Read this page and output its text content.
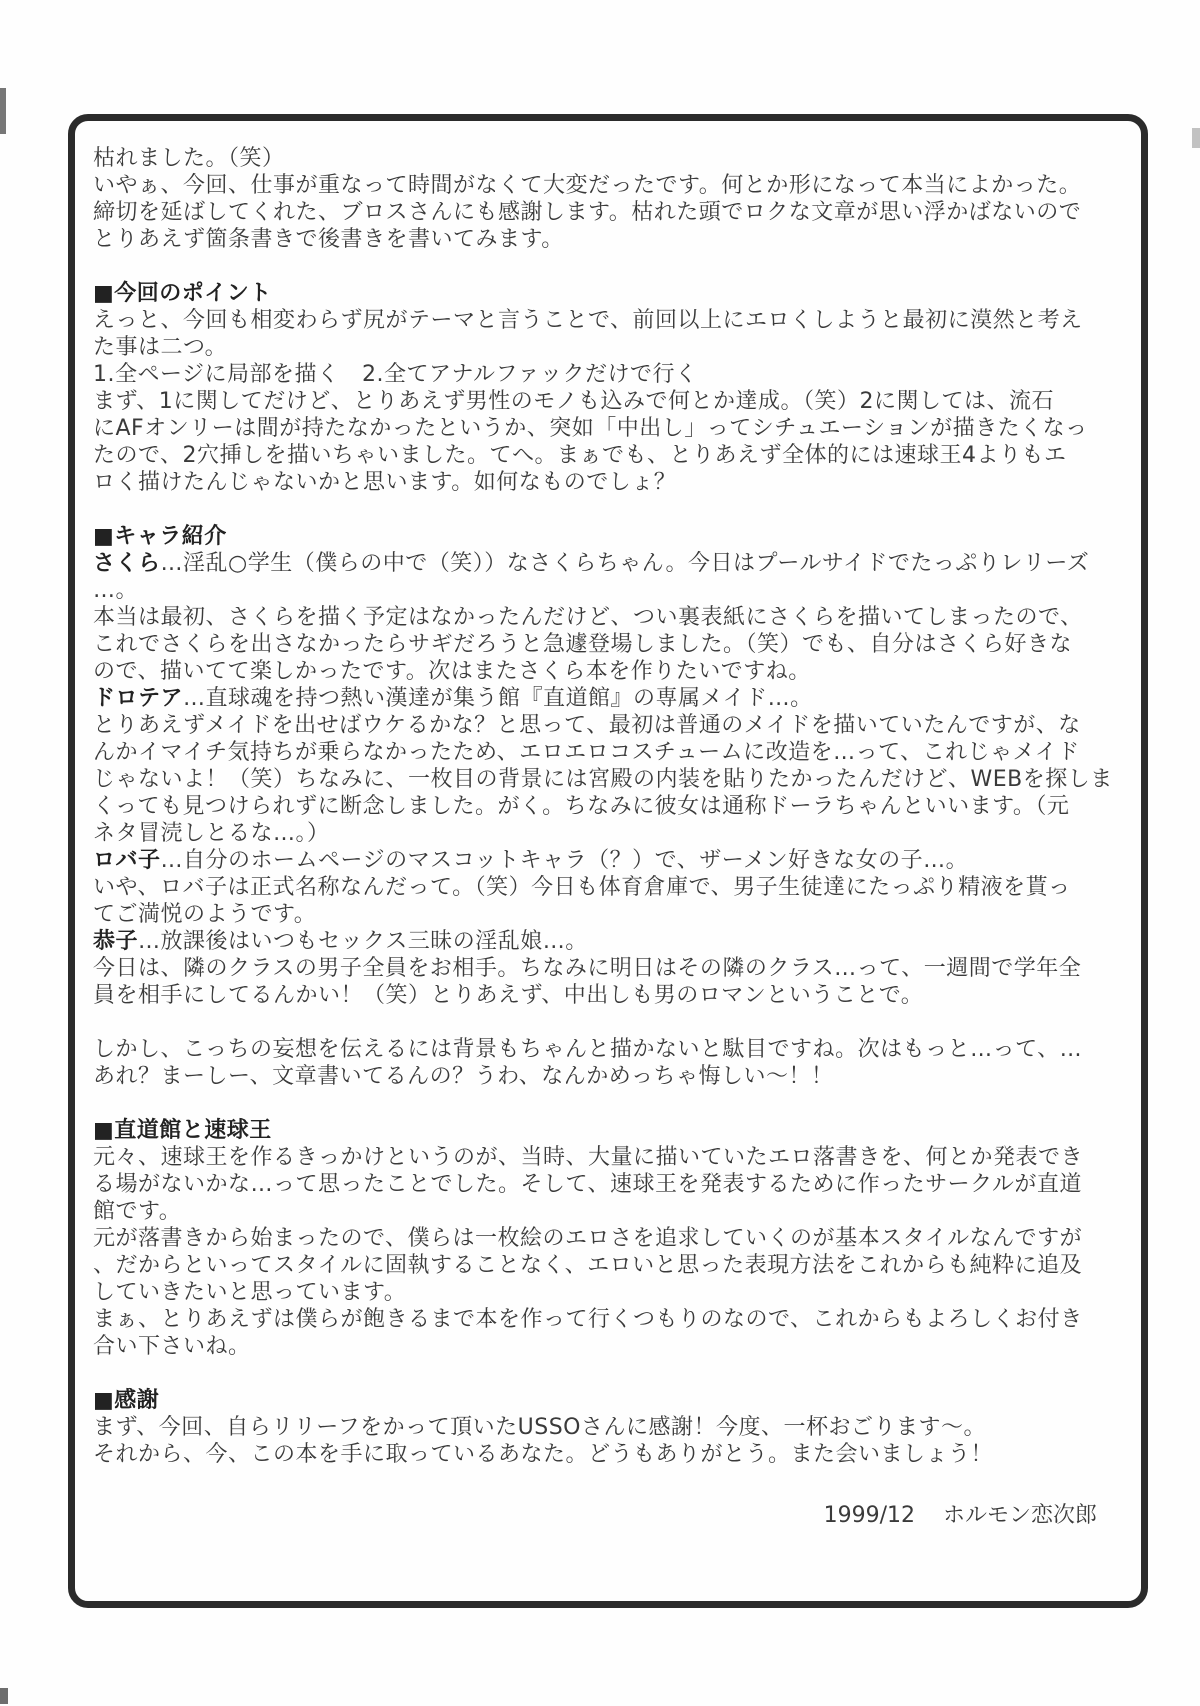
枯れました。（笑）
いやぁ、今回、仕事が重なって時間がなくて大変だったです。何とか形になって本当によかった。
締切を延ばしてくれた、ブロスさんにも感謝します。枯れた頭でロクな文章が思い浮かばないので
とりあえず箇条書きで後書きを書いてみます。
■今回のポイント
えっと、今回も相変わらず尻がテーマと言うことで、前回以上にエロくしようと最初に漠然と考え
た事は二つ。
1.全ページに局部を描く　2.全てアナルファックだけで行く
まず、1に関してだけど、とりあえず男性のモノも込みで何とか達成。（笑）2に関しては、流石
にAFオンリーは間が持たなかったというか、突如「中出し」ってシチュエーションが描きたくなっ
たので、2穴挿しを描いちゃいました。てへ。まぁでも、とりあえず全体的には速球王4よりもエ
ロく描けたんじゃないかと思います。如何なものでしょ？
■キャラ紹介
さくら…淫乱○学生（僕らの中で（笑））なさくらちゃん。今日はプールサイドでたっぷりレリーズ
…。
本当は最初、さくらを描く予定はなかったんだけど、つい裏表紙にさくらを描いてしまったので、
これでさくらを出さなかったらサギだろうと急遽登場しました。（笑）でも、自分はさくら好きな
ので、描いてて楽しかったです。次はまたさくら本を作りたいですね。
ドロテア…直球魂を持つ熱い漢達が集う館『直道館』の専属メイド…。
とりあえずメイドを出せばウケるかな？と思って、最初は普通のメイドを描いていたんですが、な
んかイマイチ気持ちが乗らなかったため、エロエロコスチュームに改造を…って、これじゃメイド
じゃないよ！（笑）ちなみに、一枚目の背景には宮殿の内装を貼りたかったんだけど、WEBを探しま
くっても見つけられずに断念しました。がく。ちなみに彼女は通称ドーラちゃんといいます。（元
ネタ冒涜しとるな…。）
ロバ子…自分のホームページのマスコットキャラ（？）で、ザーメン好きな女の子…。
いや、ロバ子は正式名称なんだって。（笑）今日も体育倉庫で、男子生徒達にたっぷり精液を貰っ
てご満悦のようです。
恭子…放課後はいつもセックス三昧の淫乱娘…。
今日は、隣のクラスの男子全員をお相手。ちなみに明日はその隣のクラス…って、一週間で学年全
員を相手にしてるんかい！（笑）とりあえず、中出しも男のロマンということで。
しかし、こっちの妄想を伝えるには背景もちゃんと描かないと駄目ですね。次はもっと…って、…
あれ？まーしー、文章書いてるんの？うわ、なんかめっちゃ悔しい〜！！
■直道館と速球王
元々、速球王を作るきっかけというのが、当時、大量に描いていたエロ落書きを、何とか発表でき
る場がないかな…って思ったことでした。そして、速球王を発表するために作ったサークルが直道
館です。
元が落書きから始まったので、僕らは一枚絵のエロさを追求していくのが基本スタイルなんですが
、だからといってスタイルに固執することなく、エロいと思った表現方法をこれからも純粋に追及
していきたいと思っています。
まぁ、とりあえずは僕らが飽きるまで本を作って行くつもりのなので、これからもよろしくお付き
合い下さいね。
■感謝
まず、今回、自らリリーフをかって頂いたUSSOさんに感謝！今度、一杯おごります〜。
それから、今、この本を手に取っているあなた。どうもありがとう。また会いましょう！
1999/12 ホルモン恋次郎
